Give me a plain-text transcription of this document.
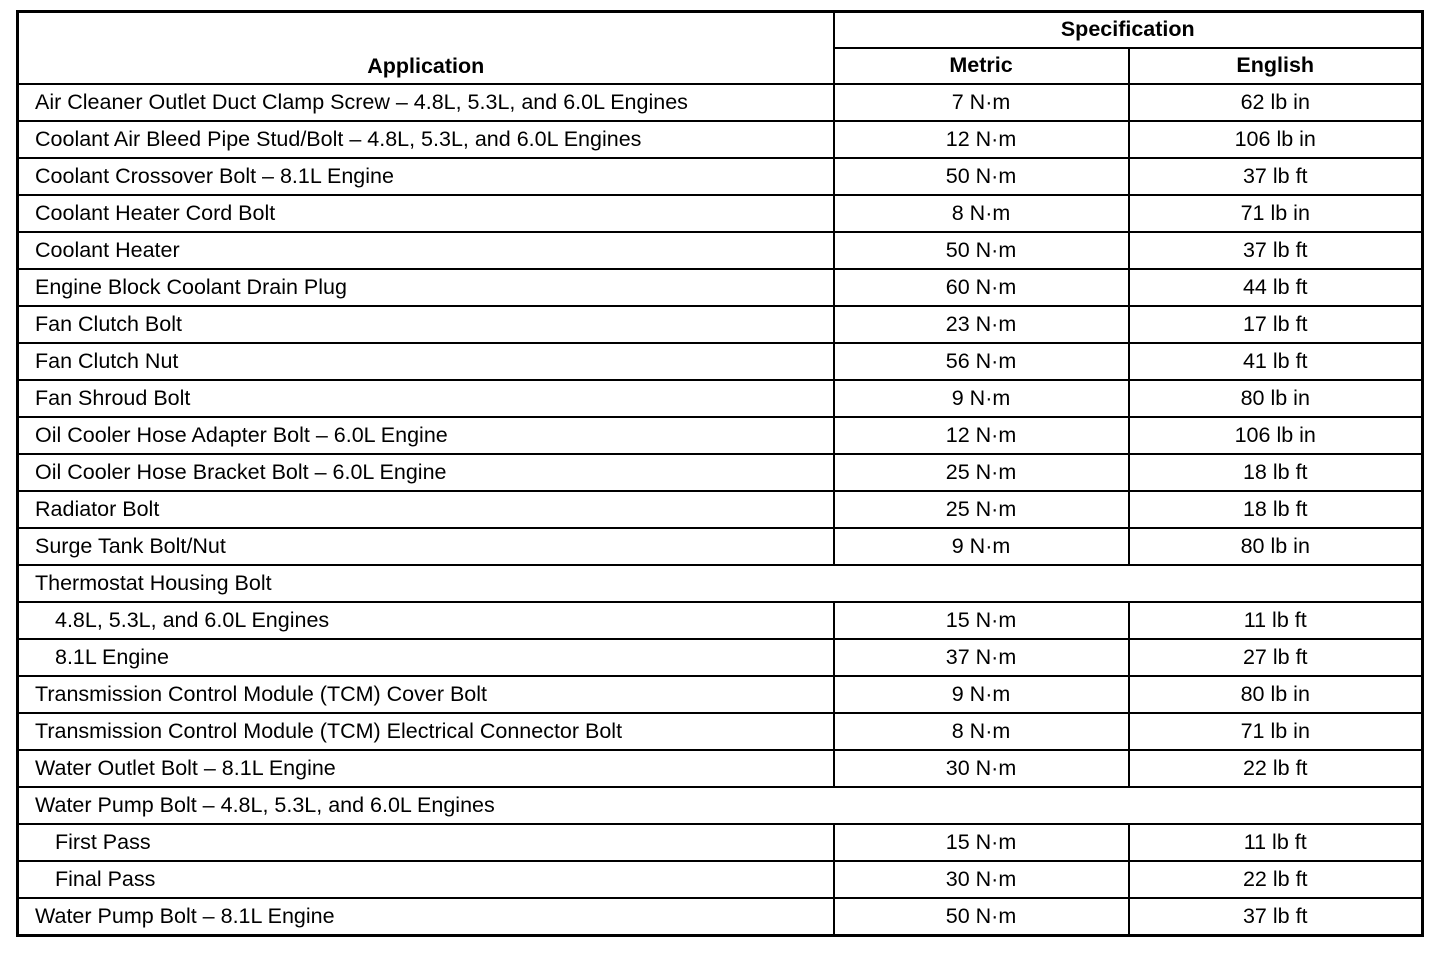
Application	Specification	
	Metric	English
Air Cleaner Outlet Duct Clamp Screw – 4.8L, 5.3L, and 6.0L Engines	7 N·m	62 lb in
Coolant Air Bleed Pipe Stud/Bolt – 4.8L, 5.3L, and 6.0L Engines	12 N·m	106 lb in
Coolant Crossover Bolt – 8.1L Engine	50 N·m	37 lb ft
Coolant Heater Cord Bolt	8 N·m	71 lb in
Coolant Heater	50 N·m	37 lb ft
Engine Block Coolant Drain Plug	60 N·m	44 lb ft
Fan Clutch Bolt	23 N·m	17 lb ft
Fan Clutch Nut	56 N·m	41 lb ft
Fan Shroud Bolt	9 N·m	80 lb in
Oil Cooler Hose Adapter Bolt – 6.0L Engine	12 N·m	106 lb in
Oil Cooler Hose Bracket Bolt – 6.0L Engine	25 N·m	18 lb ft
Radiator Bolt	25 N·m	18 lb ft
Surge Tank Bolt/Nut	9 N·m	80 lb in
Thermostat Housing Bolt		
4.8L, 5.3L, and 6.0L Engines	15 N·m	11 lb ft
8.1L Engine	37 N·m	27 lb ft
Transmission Control Module (TCM) Cover Bolt	9 N·m	80 lb in
Transmission Control Module (TCM) Electrical Connector Bolt	8 N·m	71 lb in
Water Outlet Bolt – 8.1L Engine	30 N·m	22 lb ft
Water Pump Bolt – 4.8L, 5.3L, and 6.0L Engines		
First Pass	15 N·m	11 lb ft
Final Pass	30 N·m	22 lb ft
Water Pump Bolt – 8.1L Engine	50 N·m	37 lb ft
